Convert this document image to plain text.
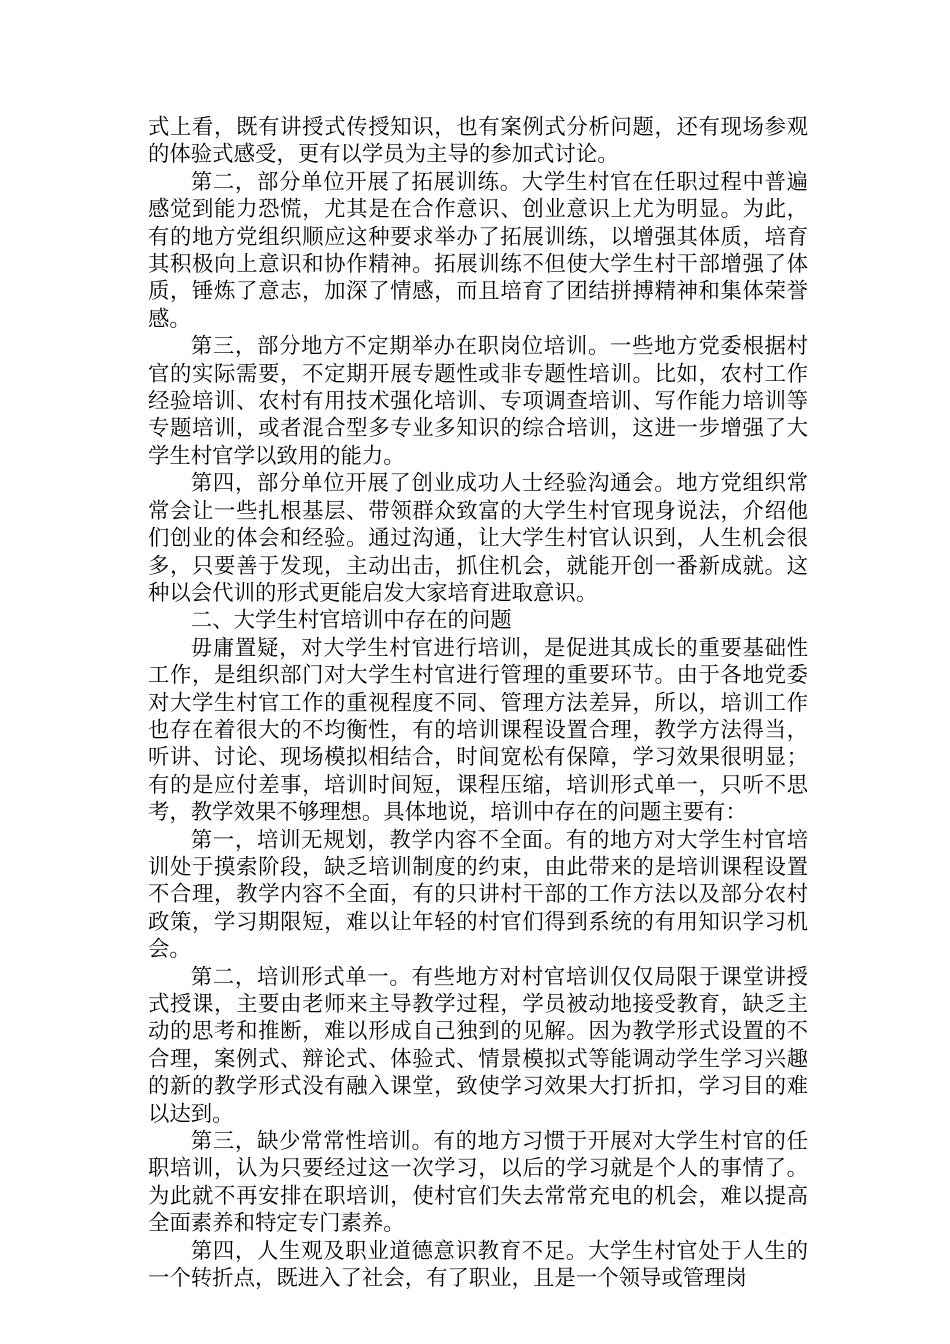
式上看，既有讲授式传授知识，也有案例式分析问题，还有现场参观的体验式感受，更有以学员为主导的参加式讨论。

第二，部分单位开展了拓展训练。大学生村官在任职过程中普遍感觉到能力恐慌，尤其是在合作意识、创业意识上尤为明显。为此，有的地方党组织顺应这种要求举办了拓展训练，以增强其体质，培育其积极向上意识和协作精神。拓展训练不但使大学生村干部增强了体质，锤炼了意志，加深了情感，而且培育了团结拼搏精神和集体荣誉感。

第三，部分地方不定期举办在职岗位培训。一些地方党委根据村官的实际需要，不定期开展专题性或非专题性培训。比如，农村工作经验培训、农村有用技术强化培训、专项调查培训、写作能力培训等专题培训，或者混合型多专业多知识的综合培训，这进一步增强了大学生村官学以致用的能力。

第四，部分单位开展了创业成功人士经验沟通会。地方党组织常常会让一些扎根基层、带领群众致富的大学生村官现身说法，介绍他们创业的体会和经验。通过沟通，让大学生村官认识到，人生机会很多，只要善于发现，主动出击，抓住机会，就能开创一番新成就。这种以会代训的形式更能启发大家培育进取意识。

二、大学生村官培训中存在的问题

毋庸置疑，对大学生村官进行培训，是促进其成长的重要基础性工作，是组织部门对大学生村官进行管理的重要环节。由于各地党委对大学生村官工作的重视程度不同、管理方法差异，所以，培训工作也存在着很大的不均衡性，有的培训课程设置合理，教学方法得当，听讲、讨论、现场模拟相结合，时间宽松有保障，学习效果很明显；有的是应付差事，培训时间短，课程压缩，培训形式单一，只听不思考，教学效果不够理想。具体地说，培训中存在的问题主要有：

第一，培训无规划，教学内容不全面。有的地方对大学生村官培训处于摸索阶段，缺乏培训制度的约束，由此带来的是培训课程设置不合理，教学内容不全面，有的只讲村干部的工作方法以及部分农村政策，学习期限短，难以让年轻的村官们得到系统的有用知识学习机会。

第二，培训形式单一。有些地方对村官培训仅仅局限于课堂讲授式授课，主要由老师来主导教学过程，学员被动地接受教育，缺乏主动的思考和推断，难以形成自己独到的见解。因为教学形式设置的不合理，案例式、辩论式、体验式、情景模拟式等能调动学生学习兴趣的新的教学形式没有融入课堂，致使学习效果大打折扣，学习目的难以达到。

第三，缺少常常性培训。有的地方习惯于开展对大学生村官的任职培训，认为只要经过这一次学习，以后的学习就是个人的事情了。为此就不再安排在职培训，使村官们失去常常充电的机会，难以提高全面素养和特定专门素养。

第四，人生观及职业道德意识教育不足。大学生村官处于人生的一个转折点，既进入了社会，有了职业，且是一个领导或管理岗
